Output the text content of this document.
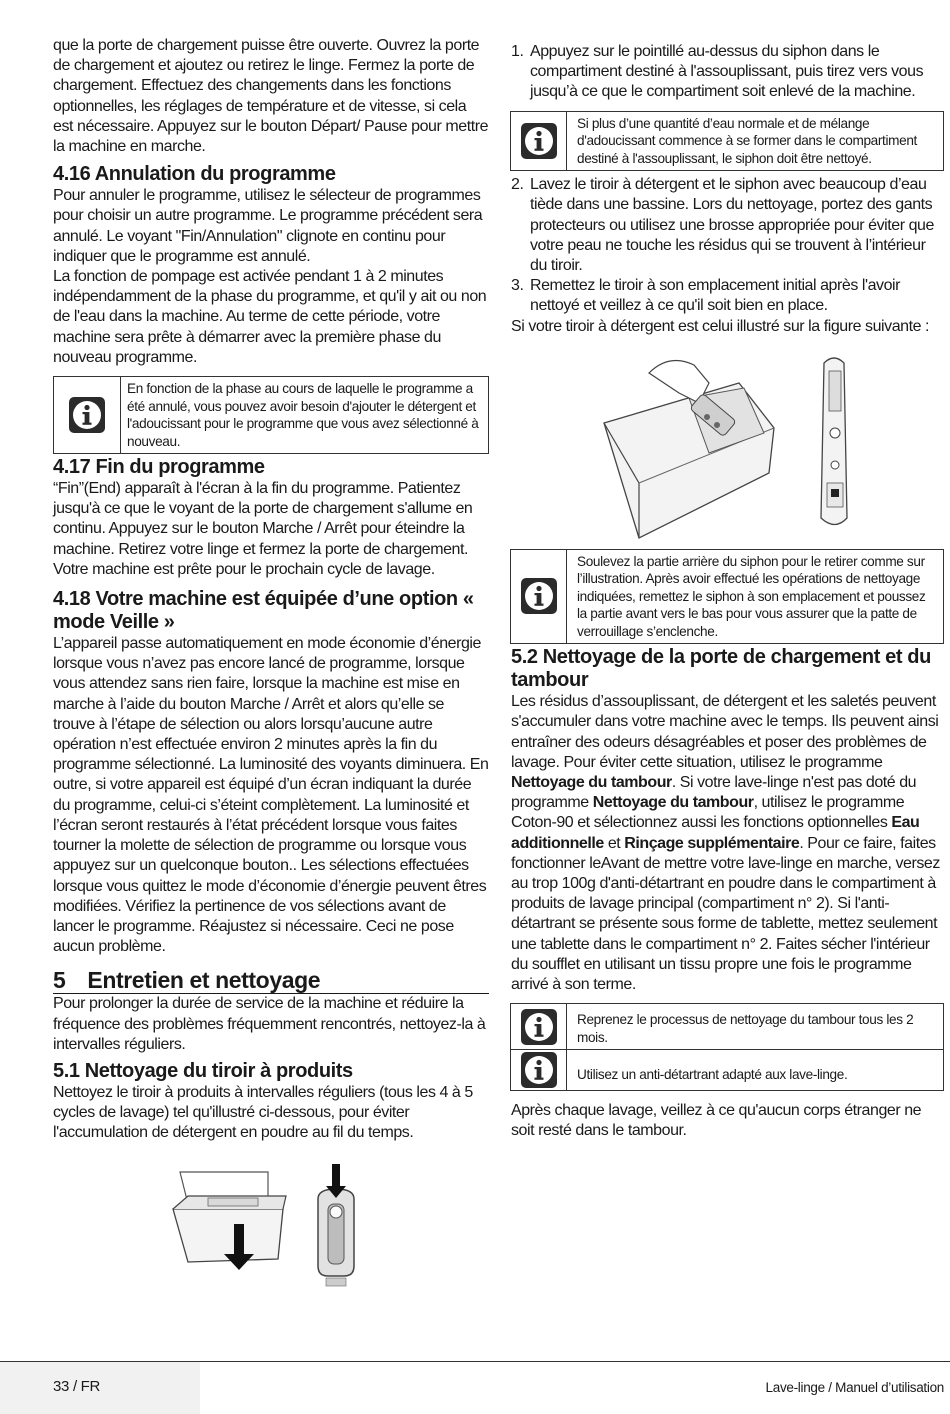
que la porte de chargement puisse être ouverte. Ouvrez la porte de chargement et ajoutez ou retirez le linge. Fermez la porte de chargement. Effectuez des changements dans les fonctions optionnelles, les réglages de température et de vitesse, si cela est nécessaire. Appuyez sur le bouton Départ/ Pause pour mettre la machine en marche.

4.16 Annulation du programme

Pour annuler le programme, utilisez le sélecteur de programmes pour choisir un autre programme. Le programme précédent sera annulé. Le voyant "Fin/Annulation" clignote en continu pour indiquer que le programme est annulé.

La fonction de pompage est activée pendant 1 à 2 minutes indépendamment de la phase du programme, et qu'il y ait ou non de l'eau dans la machine. Au terme de cette période, votre machine sera prête à démarrer avec la première phase du nouveau programme.

En fonction de la phase au cours de laquelle le programme a été annulé, vous pouvez avoir besoin d'ajouter le détergent et l'adoucissant pour le programme que vous avez sélectionné à nouveau.
4.17 Fin du programme

“Fin”(End) apparaît à l'écran à la fin du programme. Patientez jusqu'à ce que le voyant de la porte de chargement s'allume en continu. Appuyez sur le bouton Marche / Arrêt pour éteindre la machine. Retirez votre linge et fermez la porte de chargement. Votre machine est prête pour le prochain cycle de lavage.

4.18 Votre machine est équipée d’une option « mode Veille »

L’appareil passe automatiquement en mode économie d’énergie lorsque vous n’avez pas encore lancé de programme, lorsque vous attendez sans rien faire, lorsque la machine est mise en marche à l’aide du bouton Marche / Arrêt et alors qu’elle se trouve à l’étape de sélection ou alors lorsqu’aucune autre opération n’est effectuée environ 2 minutes après la fin du programme sélectionné. La luminosité des voyants diminuera. En outre, si votre appareil est équipé d’un écran indiquant la durée du programme, celui-ci s’éteint complètement. La luminosité et l’écran seront restaurés à l’état précédent lorsque vous faites tourner la molette de sélection de programme ou lorsque vous appuyez sur un quelconque bouton.. Les sélections effectuées lorsque vous quittez le mode d’économie d’énergie peuvent êtres modifiées. Vérifiez la pertinence de vos sélections avant de lancer le programme. Réajustez si nécessaire. Ceci ne pose aucun problème.

5 Entretien et nettoyage

Pour prolonger la durée de service de la machine et réduire la fréquence des problèmes fréquemment rencontrés, nettoyez-la à intervalles réguliers.

5.1 Nettoyage du tiroir à produits

Nettoyez le tiroir à produits à intervalles réguliers (tous les 4 à 5 cycles de lavage) tel qu'illustré ci-dessous, pour éviter l'accumulation de détergent en poudre au fil du temps.

1. Appuyez sur le pointillé au-dessus du siphon dans le compartiment destiné à l'assouplissant, puis tirez vers vous jusqu’à ce que le compartiment soit enlevé de la machine.
Si plus d’une quantité d’eau normale et de mélange d'adoucissant commence à se former dans le compartiment destiné à l'assouplissant, le siphon doit être nettoyé.
2. Lavez le tiroir à détergent et le siphon avec beaucoup d’eau tiède dans une bassine. Lors du nettoyage, portez des gants protecteurs ou utilisez une brosse appropriée pour éviter que votre peau ne touche les résidus qui se trouvent à l’intérieur du tiroir.
3. Remettez le tiroir à son emplacement initial après l'avoir nettoyé et veillez à ce qu'il soit bien en place.

Si votre tiroir à détergent est celui illustré sur la figure suivante :

Soulevez la partie arrière du siphon pour le retirer comme sur l’illustration. Après avoir effectué les opérations de nettoyage indiquées, remettez le siphon à son emplacement et poussez la partie avant vers le bas pour vous assurer que la patte de verrouillage s’enclenche.
5.2 Nettoyage de la porte de chargement et du tambour

Les résidus d’assouplissant, de détergent et les saletés peuvent s'accumuler dans votre machine avec le temps. Ils peuvent ainsi entraîner des odeurs désagréables et poser des problèmes de lavage. Pour éviter cette situation, utilisez le programme Nettoyage du tambour. Si votre lave-linge n'est pas doté du programme Nettoyage du tambour, utilisez le programme Coton-90 et sélectionnez aussi les fonctions optionnelles Eau additionnelle et Rinçage supplémentaire. Pour ce faire, faites fonctionner leAvant de mettre votre lave-linge en marche, versez au trop 100g d'anti-détartrant en poudre dans le compartiment à produits de lavage principal (compartiment n° 2). Si l'anti-détartrant se présente sous forme de tablette, mettez seulement une tablette dans le compartiment n° 2. Faites sécher l'intérieur du soufflet en utilisant un tissu propre une fois le programme arrivé à son terme.

Reprenez le processus de nettoyage du tambour tous les 2 mois.
Utilisez un anti-détartrant adapté aux lave-linge.

Après chaque lavage, veillez à ce qu'aucun corps étranger ne soit resté dans le tambour.

33 / FR	Lave-linge / Manuel d’utilisation
